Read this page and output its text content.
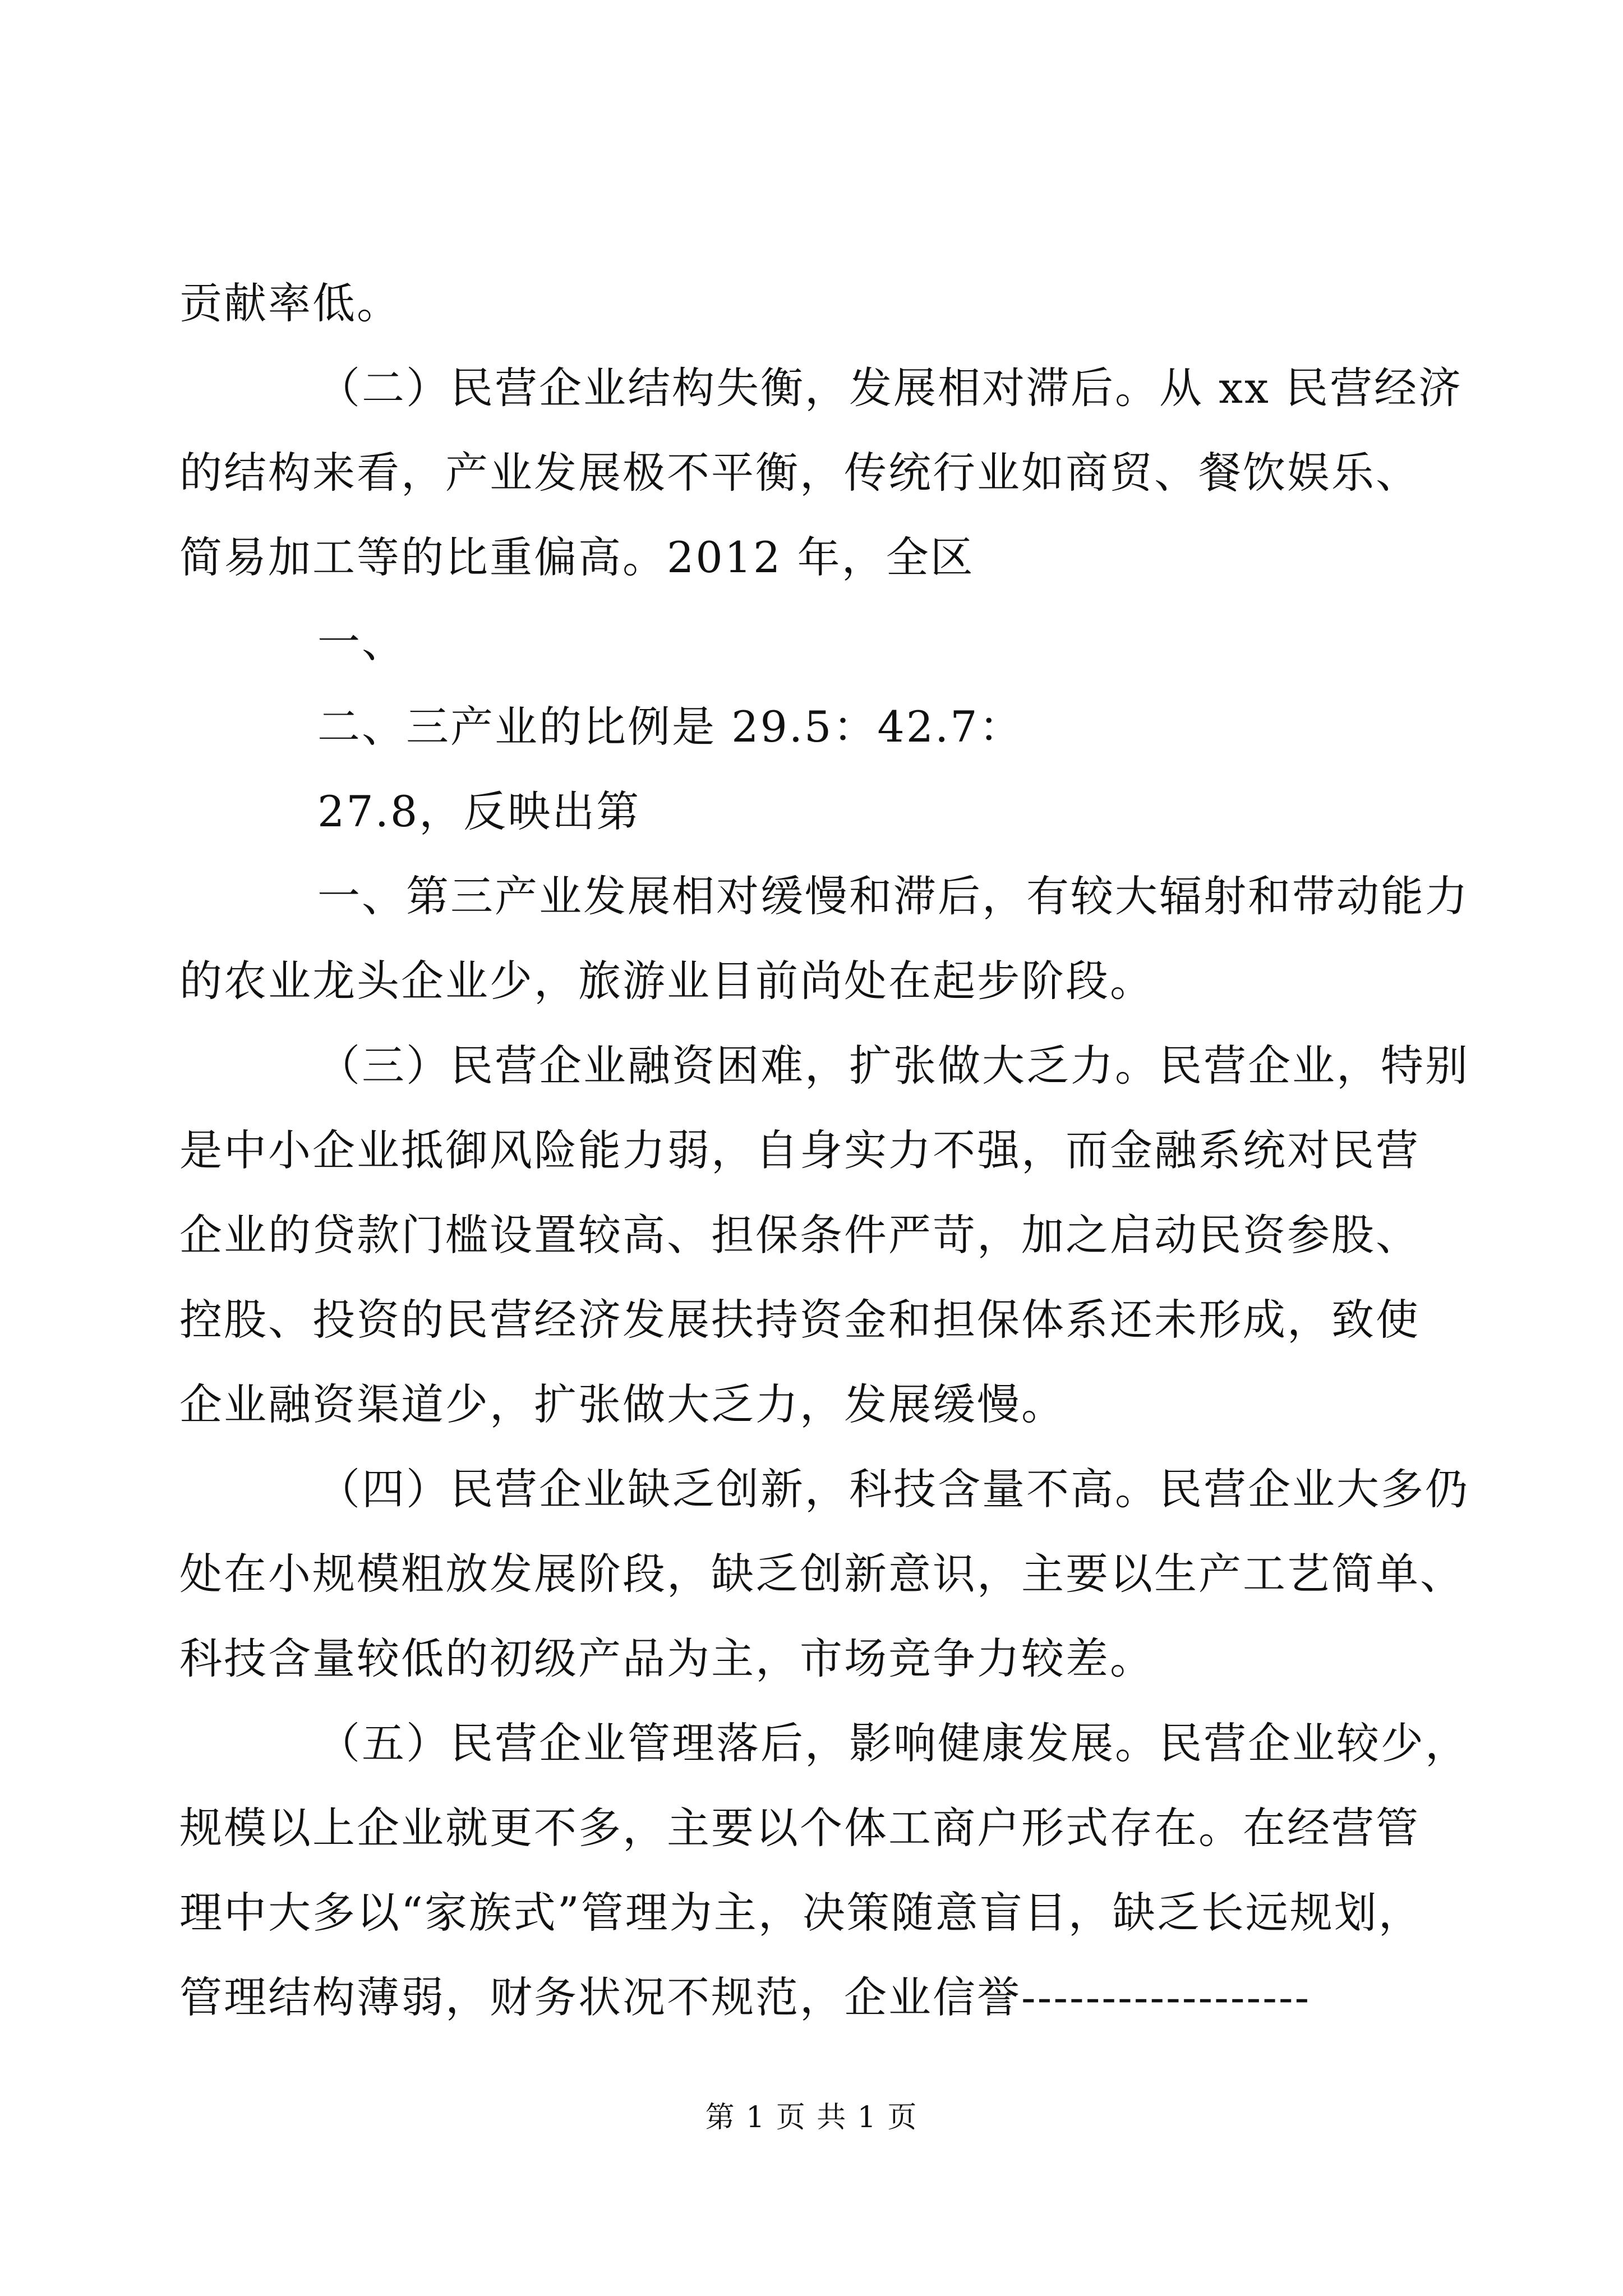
贡献率低。
（二）民营企业结构失衡，发展相对滞后。从 xx 民营经济
的结构来看，产业发展极不平衡，传统行业如商贸、餐饮娱乐、
简易加工等的比重偏高。2012 年，全区
一、
二、三产业的比例是 29.5：42.7：
27.8，反映出第
一、第三产业发展相对缓慢和滞后，有较大辐射和带动能力
的农业龙头企业少，旅游业目前尚处在起步阶段。
（三）民营企业融资困难，扩张做大乏力。民营企业，特别
是中小企业抵御风险能力弱，自身实力不强，而金融系统对民营
企业的贷款门槛设置较高、担保条件严苛，加之启动民资参股、
控股、投资的民营经济发展扶持资金和担保体系还未形成，致使
企业融资渠道少，扩张做大乏力，发展缓慢。
（四）民营企业缺乏创新，科技含量不高。民营企业大多仍
处在小规模粗放发展阶段，缺乏创新意识，主要以生产工艺简单、
科技含量较低的初级产品为主，市场竞争力较差。
（五）民营企业管理落后，影响健康发展。民营企业较少，
规模以上企业就更不多，主要以个体工商户形式存在。在经营管
理中大多以“家族式”管理为主，决策随意盲目，缺乏长远规划，
管理结构薄弱，财务状况不规范，企业信誉------------------
第 1 页 共 1 页
